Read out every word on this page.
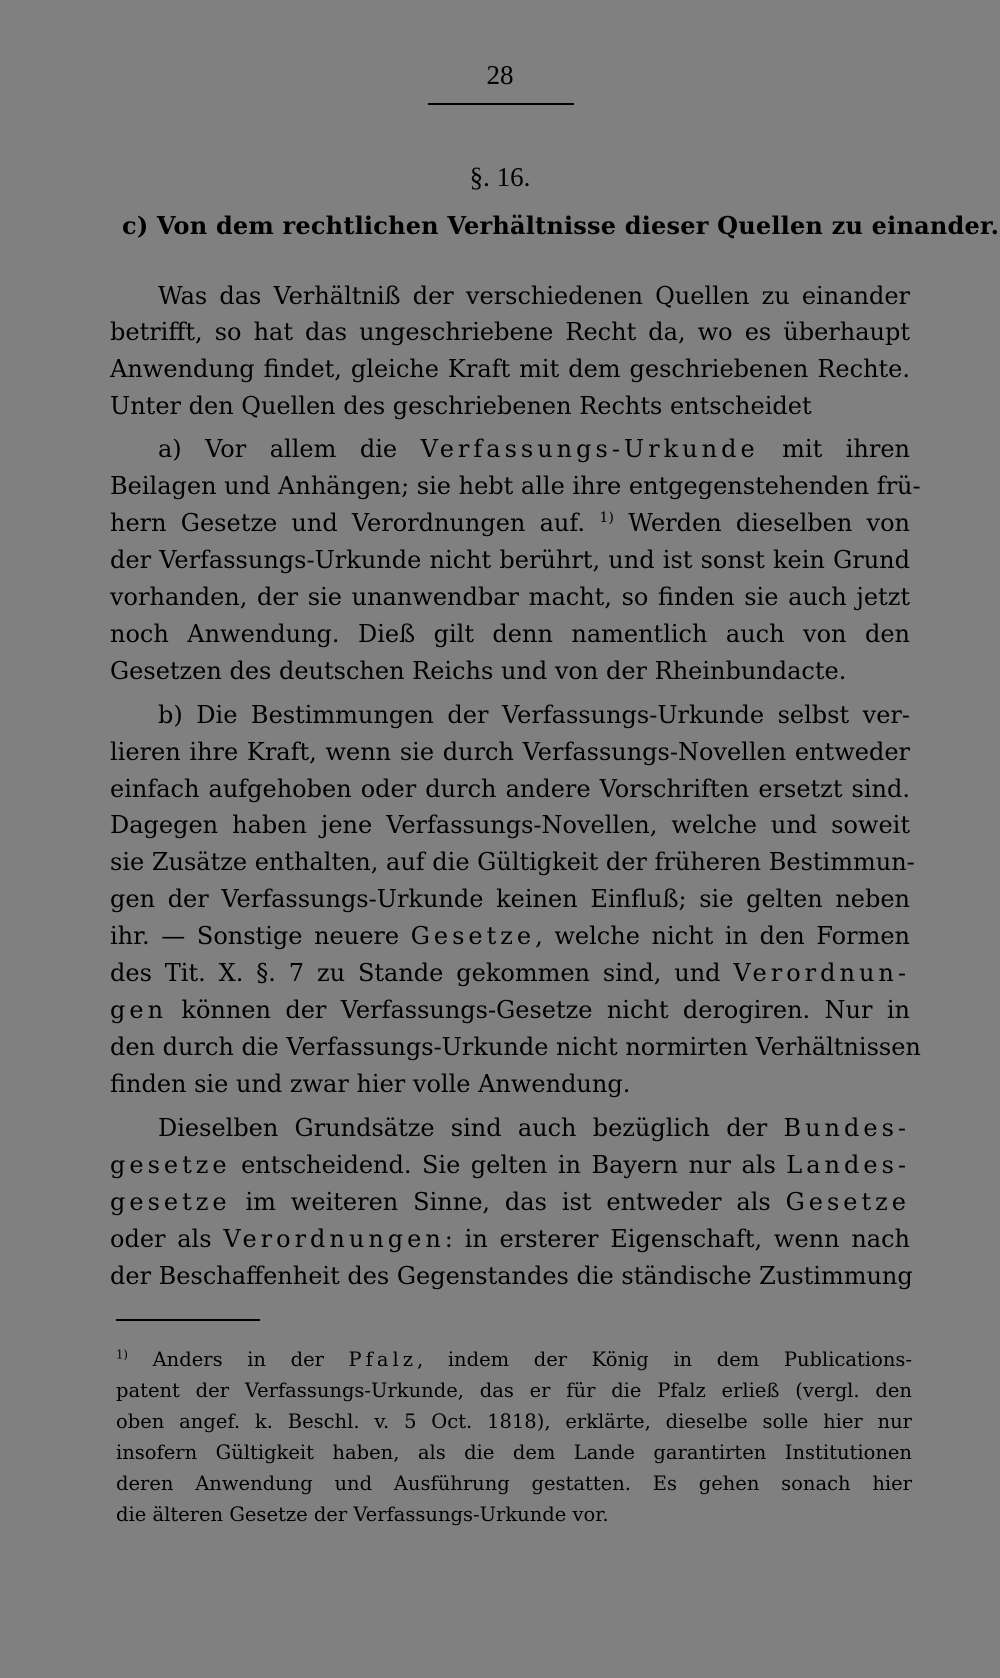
28
§. 16.
c) Von dem rechtlichen Verhältnisse dieser Quellen zu einander.
Was das Verhältniß der verschiedenen Quellen zu einander
betrifft, so hat das ungeschriebene Recht da, wo es überhaupt
Anwendung findet, gleiche Kraft mit dem geschriebenen Rechte.
Unter den Quellen des geschriebenen Rechts entscheidet
a) Vor allem die Verfassungs-Urkunde mit ihren
Beilagen und Anhängen; sie hebt alle ihre entgegenstehenden frü-
hern Gesetze und Verordnungen auf. $^{1)}$ Werden dieselben von
der Verfassungs-Urkunde nicht berührt, und ist sonst kein Grund
vorhanden, der sie unanwendbar macht, so finden sie auch jetzt
noch Anwendung. Dieß gilt denn namentlich auch von den
Gesetzen des deutschen Reichs und von der Rheinbundacte.
b) Die Bestimmungen der Verfassungs-Urkunde selbst ver-
lieren ihre Kraft, wenn sie durch Verfassungs-Novellen entweder
einfach aufgehoben oder durch andere Vorschriften ersetzt sind.
Dagegen haben jene Verfassungs-Novellen, welche und soweit
sie Zusätze enthalten, auf die Gültigkeit der früheren Bestimmun-
gen der Verfassungs-Urkunde keinen Einfluß; sie gelten neben
ihr. — Sonstige neuere Gesetze, welche nicht in den Formen
des Tit. X. §. 7 zu Stande gekommen sind, und Verordnun-
gen können der Verfassungs-Gesetze nicht derogiren. Nur in
den durch die Verfassungs-Urkunde nicht normirten Verhältnissen
finden sie und zwar hier volle Anwendung.
Dieselben Grundsätze sind auch bezüglich der Bundes-
gesetze entscheidend. Sie gelten in Bayern nur als Landes-
gesetze im weiteren Sinne, das ist entweder als Gesetze
oder als Verordnungen: in ersterer Eigenschaft, wenn nach
der Beschaffenheit des Gegenstandes die ständische Zustimmung
$^{1)}$ Anders in der Pfalz, indem der König in dem Publications-
patent der Verfassungs-Urkunde, das er für die Pfalz erließ (vergl. den
oben angef. k. Beschl. v. 5 Oct. 1818), erklärte, dieselbe solle hier nur
insofern Gültigkeit haben, als die dem Lande garantirten Institutionen
deren Anwendung und Ausführung gestatten. Es gehen sonach hier
die älteren Gesetze der Verfassungs-Urkunde vor.
